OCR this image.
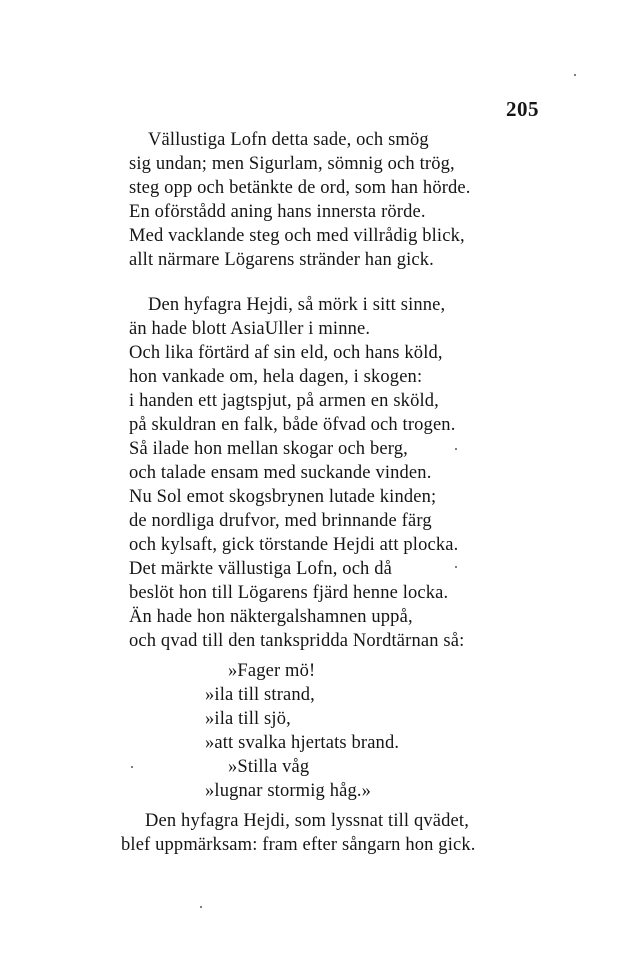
205
Vällustiga Lofn detta sade, och smög
sig undan; men Sigurlam, sömnig och trög,
steg opp och betänkte de ord, som han hörde.
En oförstådd aning hans innersta rörde.
Med vacklande steg och med villrådig blick,
allt närmare Lögarens stränder han gick.
Den hyfagra Hejdi, så mörk i sitt sinne,
än hade blott AsiaUller i minne.
Och lika förtärd af sin eld, och hans köld,
hon vankade om, hela dagen, i skogen:
i handen ett jagtspjut, på armen en sköld,
på skuldran en falk, både öfvad och trogen.
Så ilade hon mellan skogar och berg,
och talade ensam med suckande vinden.
Nu Sol emot skogsbrynen lutade kinden;
de nordliga drufvor, med brinnande färg
och kylsaft, gick törstande Hejdi att plocka.
Det märkte vällustiga Lofn, och då
beslöt hon till Lögarens fjärd henne locka.
Än hade hon näktergalshamnen uppå,
och qvad till den tankspridda Nordtärnan så:
»Fager mö!
»ila till strand,
»ila till sjö,
»att svalka hjertats brand.
»Stilla våg
»lugnar stormig håg.»
Den hyfagra Hejdi, som lyssnat till qvädet,
blef uppmärksam: fram efter sångarn hon gick.
